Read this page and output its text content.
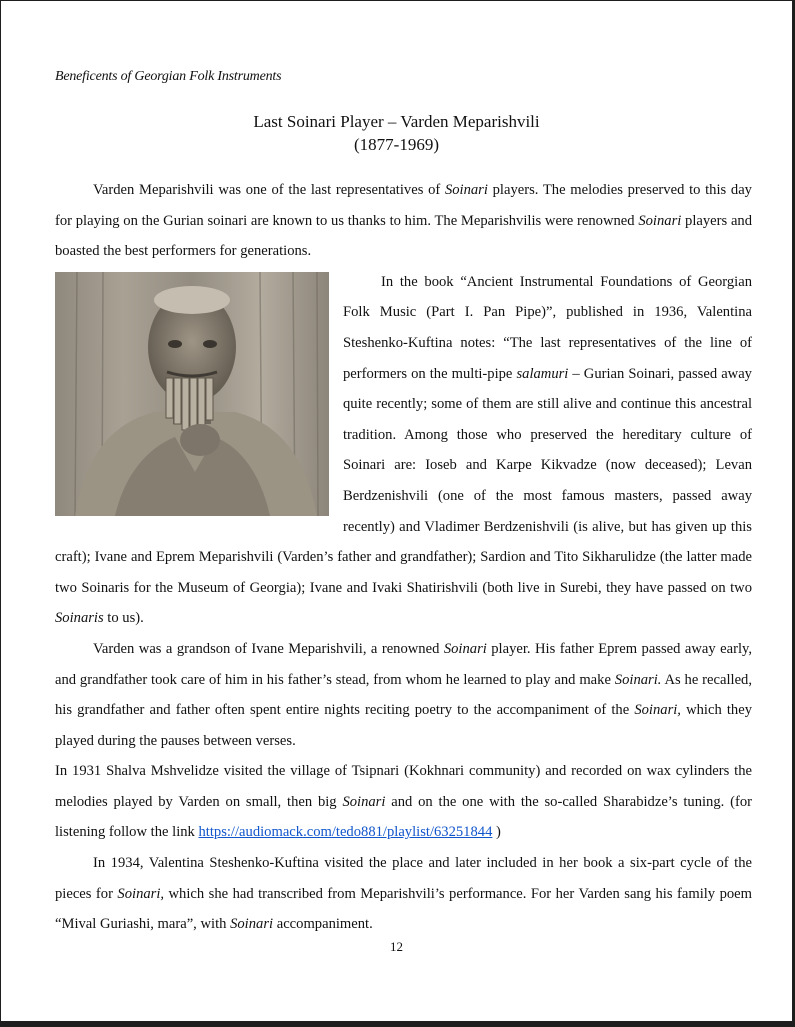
Beneficents of Georgian Folk Instruments
Last Soinari Player – Varden Meparishvili
(1877-1969)

Varden Meparishvili was one of the last representatives of Soinari players. The melodies preserved to this day for playing on the Gurian soinari are known to us thanks to him. The Meparishvilis were renowned Soinari players and boasted the best performers for generations.

In the book “Ancient Instrumental Foundations of Georgian Folk Music (Part I. Pan Pipe)”, published in 1936, Valentina Steshenko-Kuftina notes: “The last representatives of the line of performers on the multi-pipe salamuri – Gurian Soinari, passed away quite recently; some of them are still alive and continue this ancestral tradition. Among those who preserved the hereditary culture of Soinari are: Ioseb and Karpe Kikvadze (now deceased); Levan Berdzenishvili (one of the most famous masters, passed away recently) and Vladimer Berdzenishvili (is alive, but has given up this craft); Ivane and Eprem Meparishvili (Varden’s father and grandfather); Sardion and Tito Sikharulidze (the latter made two Soinaris for the Museum of Georgia); Ivane and Ivaki Shatirishvili (both live in Surebi, they have passed on two Soinaris to us).

Varden was a grandson of Ivane Meparishvili, a renowned Soinari player. His father Eprem passed away early, and grandfather took care of him in his father’s stead, from whom he learned to play and make Soinari. As he recalled, his grandfather and father often spent entire nights reciting poetry to the accompaniment of the Soinari, which they played during the pauses between verses.

In 1931 Shalva Mshvelidze visited the village of Tsipnari (Kokhnari community) and recorded on wax cylinders the melodies played by Varden on small, then big Soinari and on the one with the so-called Sharabidze’s tuning. (for listening follow the link https://audiomack.com/tedo881/playlist/63251844 )

In 1934, Valentina Steshenko-Kuftina visited the place and later included in her book a six-part cycle of the pieces for Soinari, which she had transcribed from Meparishvili’s performance. For her Varden sang his family poem “Mival Guriashi, mara”, with Soinari accompaniment.

12
